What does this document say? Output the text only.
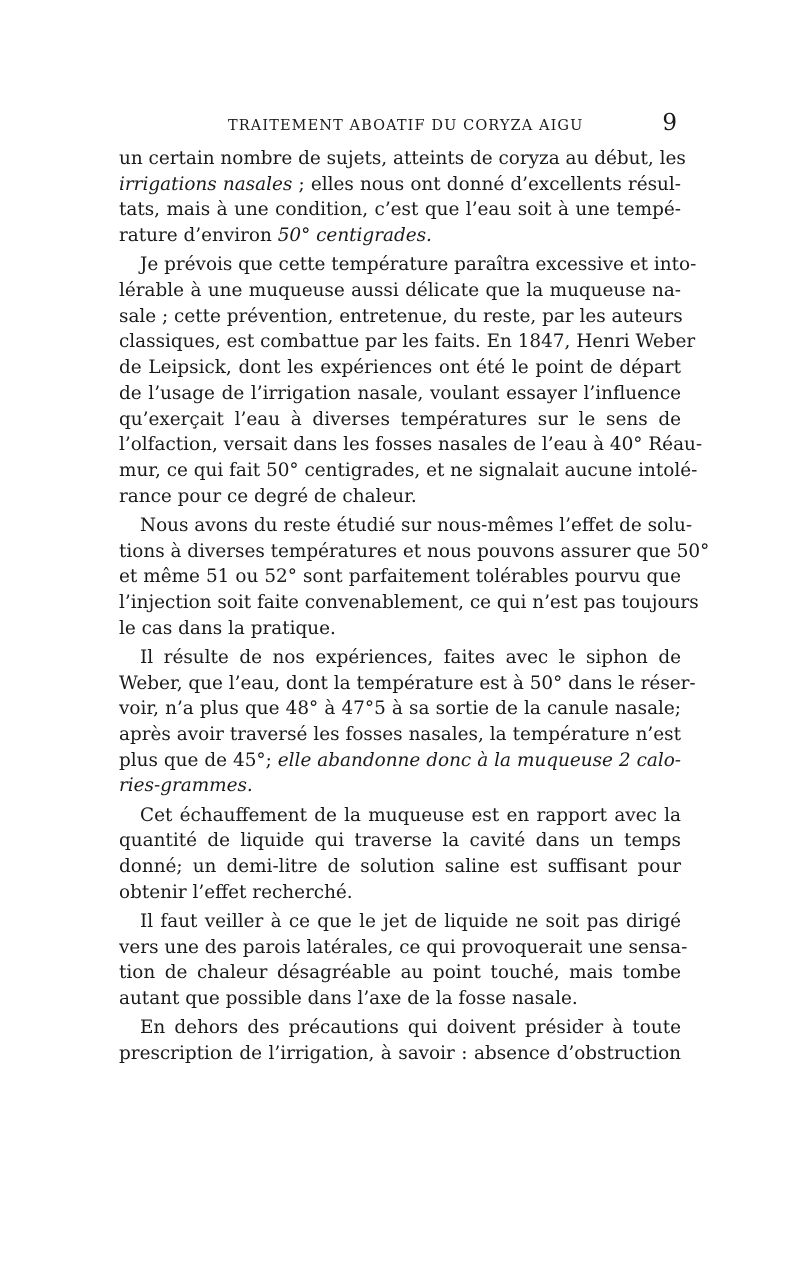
TRAITEMENT ABOATIF DU CORYZA AIGU	9
un certain nombre de sujets, atteints de coryza au début, les
irrigations nasales ; elles nous ont donné d’excellents résul-
tats, mais à une condition, c’est que l’eau soit à une tempé-
rature d’environ 50° centigrades.
Je prévois que cette température paraîtra excessive et into-
lérable à une muqueuse aussi délicate que la muqueuse na-
sale ; cette prévention, entretenue, du reste, par les auteurs
classiques, est combattue par les faits. En 1847, Henri Weber
de Leipsick, dont les expériences ont été le point de départ
de l’usage de l’irrigation nasale, voulant essayer l’influence
qu’exerçait l’eau à diverses températures sur le sens de
l’olfaction, versait dans les fosses nasales de l’eau à 40° Réau-
mur, ce qui fait 50° centigrades, et ne signalait aucune intolé-
rance pour ce degré de chaleur.
Nous avons du reste étudié sur nous-mêmes l’effet de solu-
tions à diverses températures et nous pouvons assurer que 50°
et même 51 ou 52° sont parfaitement tolérables pourvu que
l’injection soit faite convenablement, ce qui n’est pas toujours
le cas dans la pratique.
Il résulte de nos expériences, faites avec le siphon de
Weber, que l’eau, dont la température est à 50° dans le réser-
voir, n’a plus que 48° à 47°5 à sa sortie de la canule nasale;
après avoir traversé les fosses nasales, la température n’est
plus que de 45°; elle abandonne donc à la muqueuse 2 calo-
ries-grammes.
Cet échauffement de la muqueuse est en rapport avec la
quantité de liquide qui traverse la cavité dans un temps
donné; un demi-litre de solution saline est suffisant pour
obtenir l’effet recherché.
Il faut veiller à ce que le jet de liquide ne soit pas dirigé
vers une des parois latérales, ce qui provoquerait une sensa-
tion de chaleur désagréable au point touché, mais tombe
autant que possible dans l’axe de la fosse nasale.
En dehors des précautions qui doivent présider à toute
prescription de l’irrigation, à savoir : absence d’obstruction
